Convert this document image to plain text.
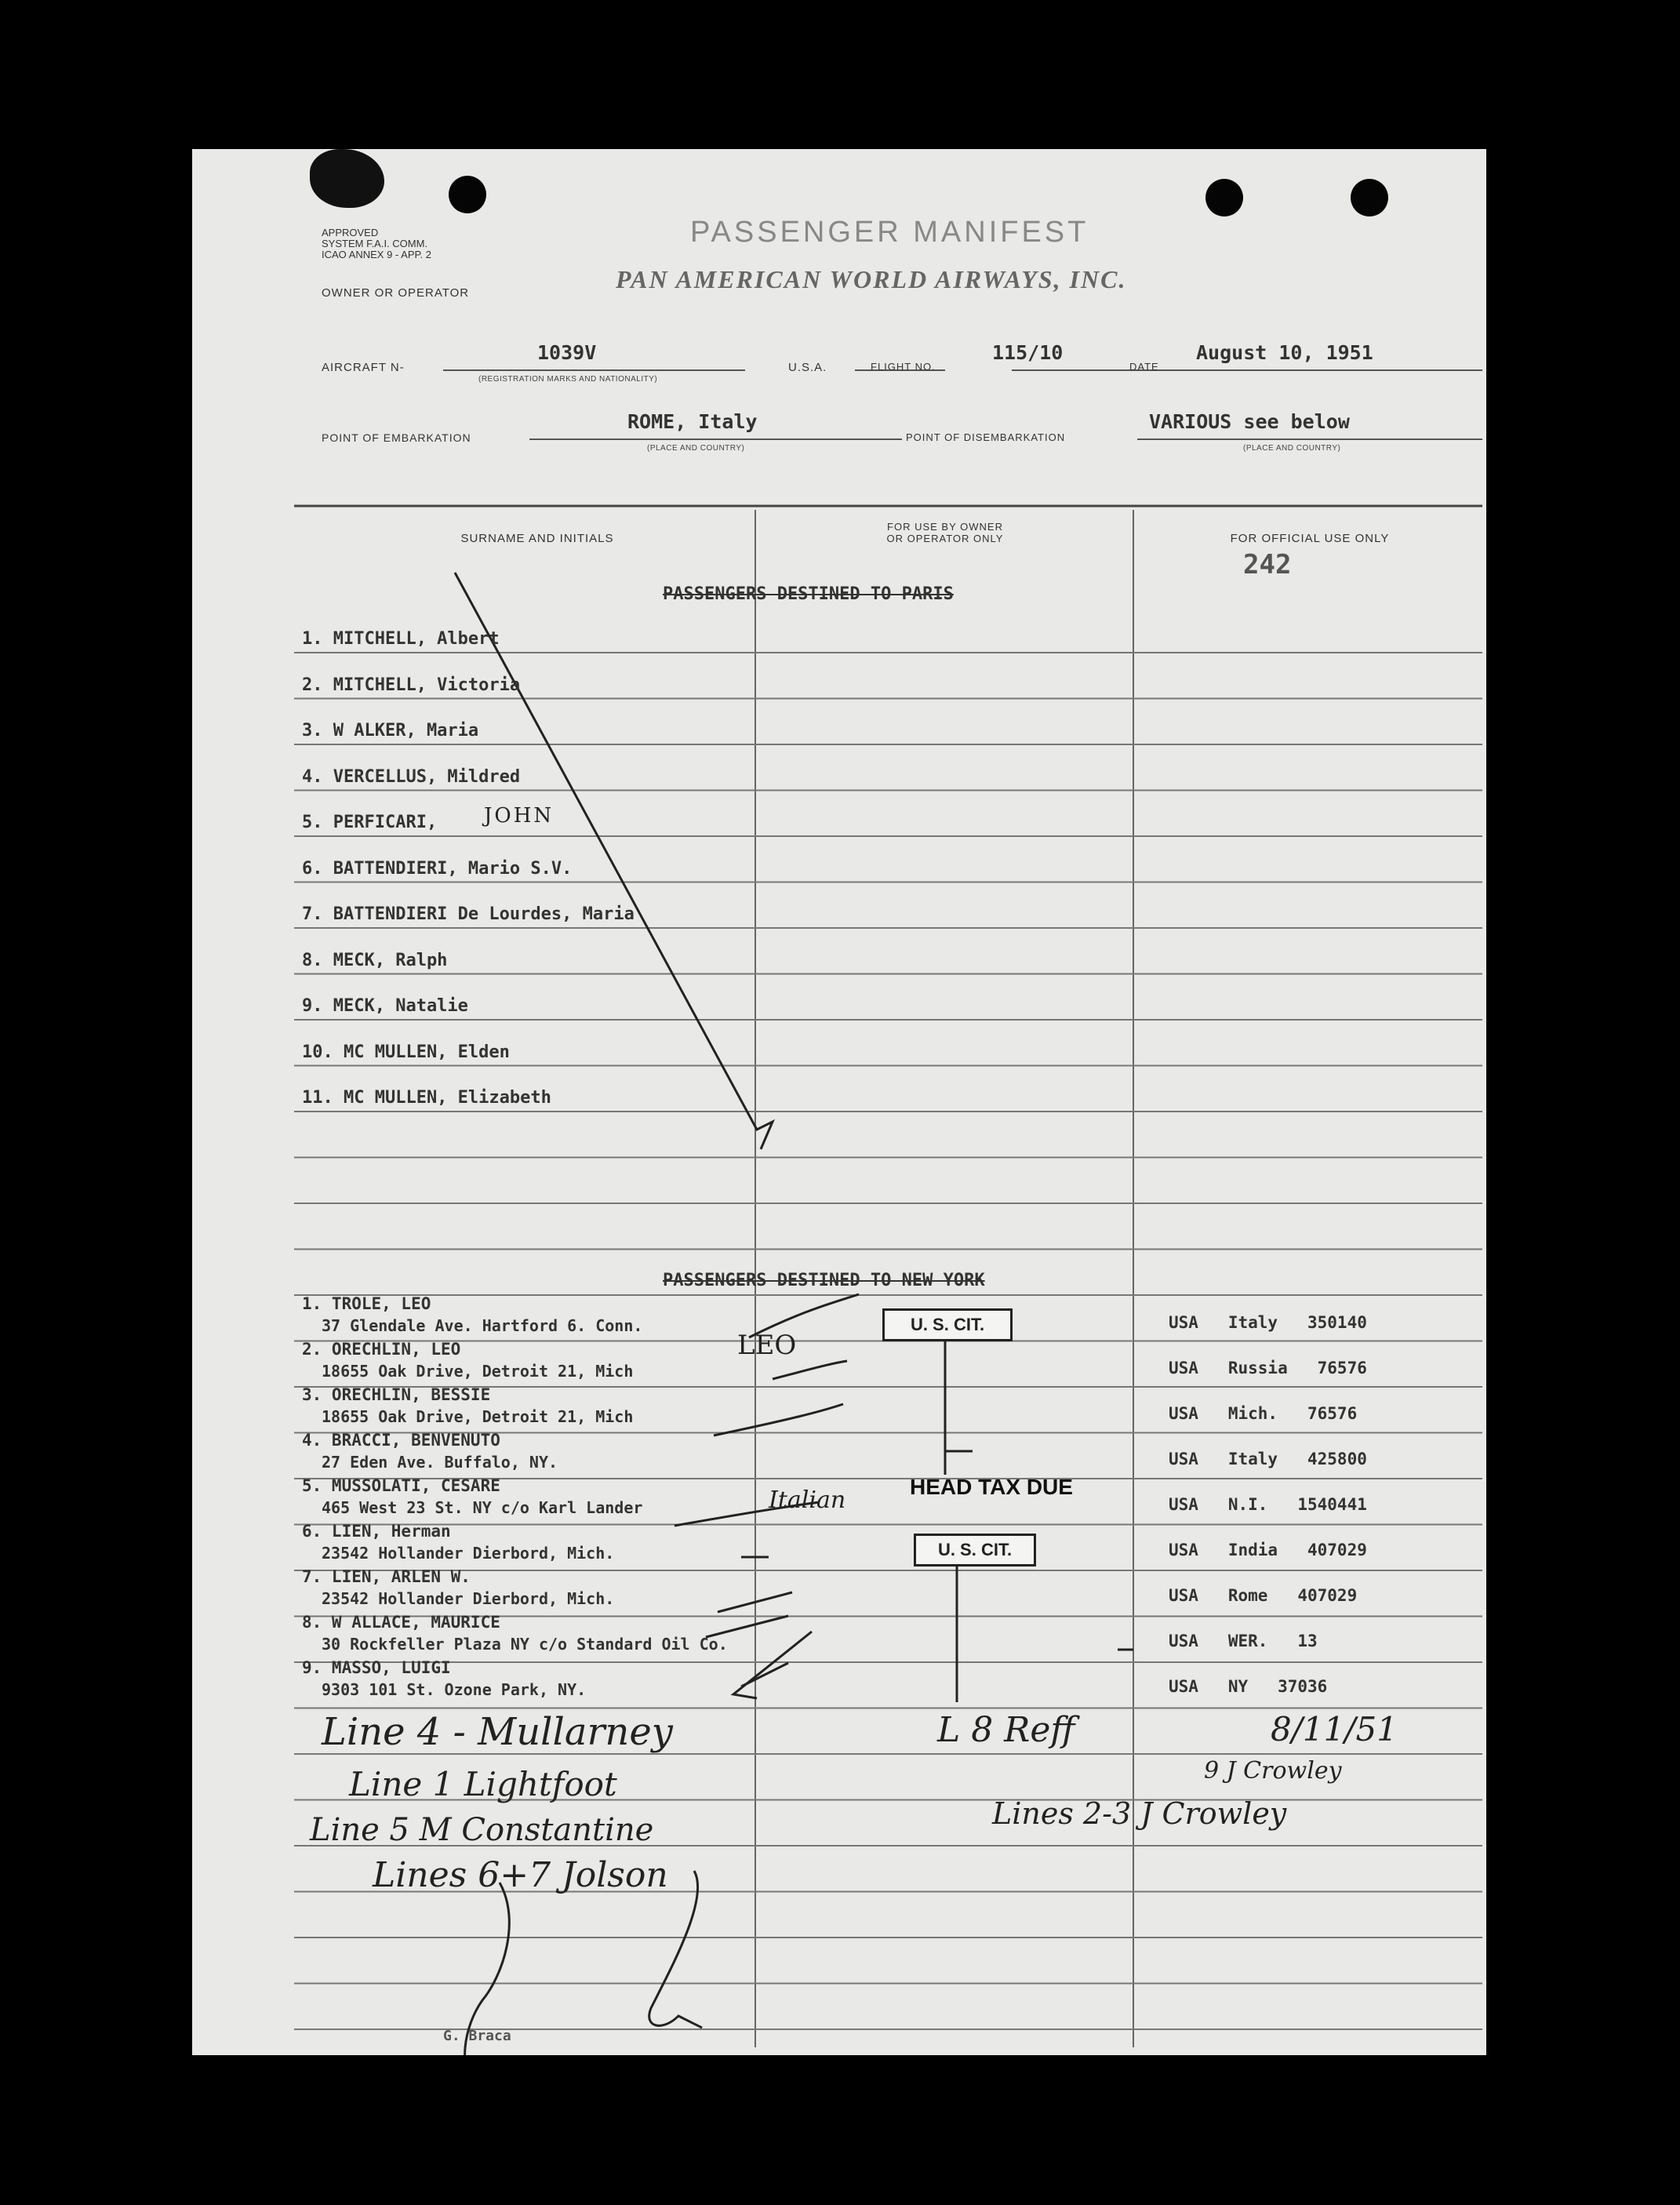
APPROVED
SYSTEM F.A.I. COMM.
ICAO ANNEX 9 - APP. 2
PASSENGER MANIFEST
OWNER OR OPERATOR	PAN AMERICAN WORLD AIRWAYS, INC.
AIRCRAFT N-
1039V
(REGISTRATION MARKS AND NATIONALITY)
U.S.A.	FLIGHT NO.
115/10
DATE
August 10, 1951
POINT OF EMBARKATION
ROME, Italy
(PLACE AND COUNTRY)
POINT OF DISEMBARKATION
VARIOUS see below
(PLACE AND COUNTRY)
SURNAME AND INITIALS
FOR USE BY OWNER
OR OPERATOR ONLY	FOR OFFICIAL USE ONLY
242
PASSENGERS DESTINED TO PARIS
1. MITCHELL, Albert
2. MITCHELL, Victoria
3. W ALKER, Maria
4. VERCELLUS, Mildred
5. PERFICARI,
6. BATTENDIERI, Mario S.V.
7. BATTENDIERI De Lourdes, Maria
8. MECK, Ralph
9. MECK, Natalie
10. MC MULLEN, Elden
11. MC MULLEN, Elizabeth
JOHN
PASSENGERS DESTINED TO NEW YORK
1. TROLE, LEO
37 Glendale Ave. Hartford 6. Conn.	USA   Italy   350140
2. ORECHLIN, LEO
18655 Oak Drive, Detroit 21, Mich	USA   Russia   76576
3. ORECHLIN, BESSIE
18655 Oak Drive, Detroit 21, Mich	USA   Mich.   76576
4. BRACCI, BENVENUTO
27 Eden Ave. Buffalo, NY.	USA   Italy   425800
5. MUSSOLATI, CESARE
465 West 23 St. NY c/o Karl Lander	USA   N.I.   1540441
6. LIEN, Herman
23542 Hollander Dierbord, Mich.	USA   India   407029
7. LIEN, ARLEN W.
23542 Hollander Dierbord, Mich.	USA   Rome   407029
8. W ALLACE, MAURICE
30 Rockfeller Plaza NY c/o Standard Oil Co.	USA   WER.   13
9. MASSO, LUIGI
9303 101 St. Ozone Park, NY.	USA   NY   37036
U. S. CIT.
U. S. CIT.
HEAD TAX DUE
Italian
LEO
Line 4 - Mullarney
Line 1 Lightfoot
Line 5 M Constantine
Lines 6+7 Jolson
L 8 Reff	8/11/51
9 J Crowley
Lines 2-3 J Crowley
G. Braca
